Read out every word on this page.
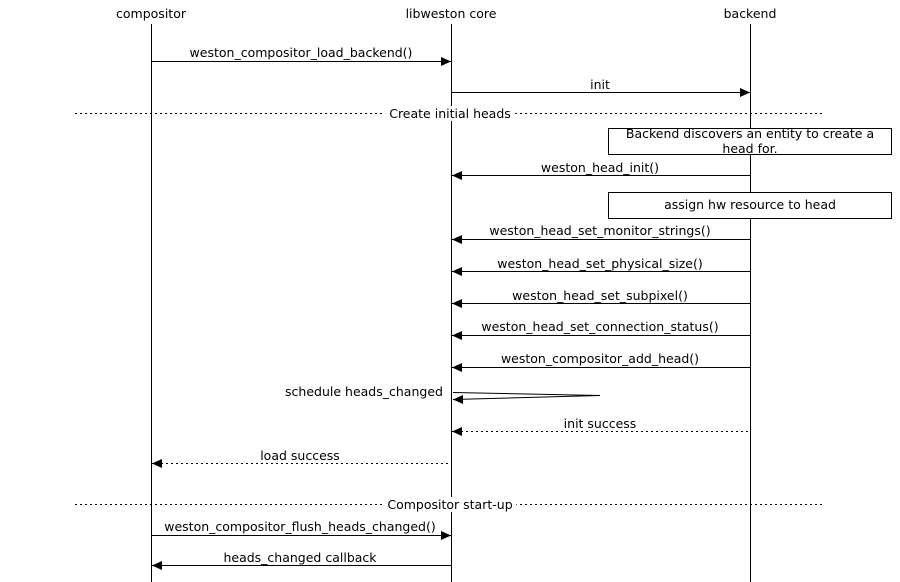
compositor	libweston core	backend
Create initial heads
Compositor start-up
Backend discovers an entity to create a head for.
assign hw resource to head
weston_compositor_load_backend()
init
weston_head_init()
weston_head_set_monitor_strings()
weston_head_set_physical_size()
weston_head_set_subpixel()
weston_head_set_connection_status()
weston_compositor_add_head()
schedule heads_changed
init success
load success
weston_compositor_flush_heads_changed()
heads_changed callback
